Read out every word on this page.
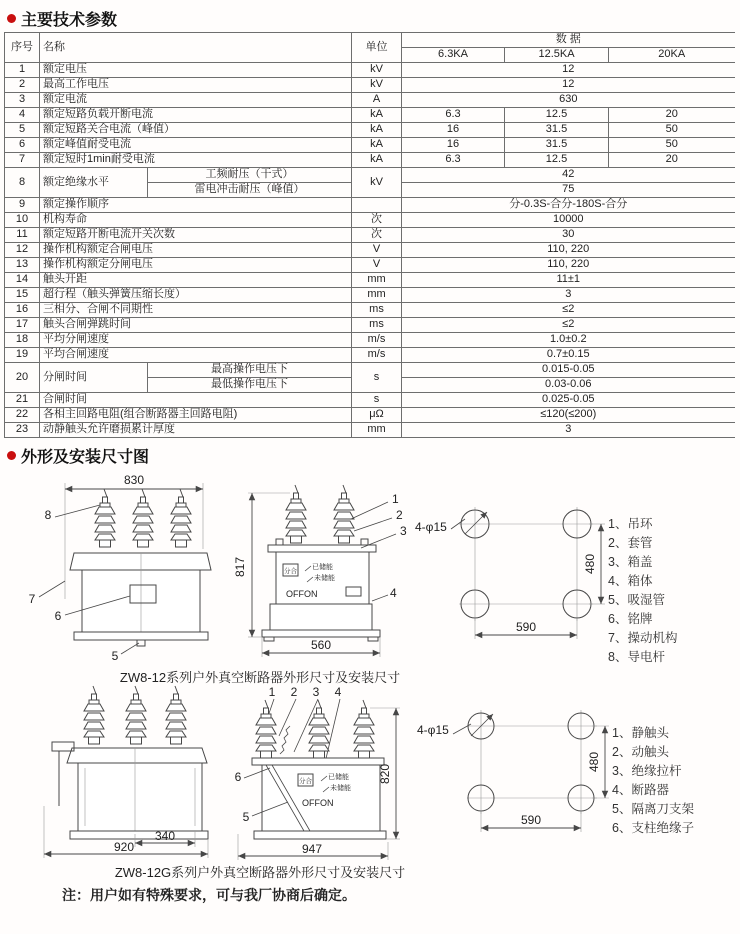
主要技术参数
序号	名称		单位	数 据		
				6.3KA	12.5KA	20KA
1	额定电压		kV	12		
2	最高工作电压		kV	12		
3	额定电流		A	630		
4	额定短路负载开断电流		kA	6.3	12.5	20
5	额定短路关合电流（峰值）		kA	16	31.5	50
6	额定峰值耐受电流		kA	16	31.5	50
7	额定短时1min耐受电流		kA	6.3	12.5	20
8	额定绝缘水平	工频耐压（干式）	kV	42		
		雷电冲击耐压（峰值）		75		
9	额定操作顺序			分-0.3S-合分-180S-合分		
10	机构寿命		次	10000		
11	额定短路开断电流开关次数		次	30		
12	操作机构额定合闸电压		V	110, 220		
13	操作机构额定分闸电压		V	110, 220		
14	触头开距		mm	11±1		
15	超行程（触头弹簧压缩长度）		mm	3		
16	三相分、合闸不同期性		ms	≤2		
17	触头合闸弹跳时间		ms	≤2		
18	平均分闸速度		m/s	1.0±0.2		
19	平均合闸速度		m/s	0.7±0.15		
20	分闸时间	最高操作电压下	s	0.015-0.05		
		最低操作电压下		0.03-0.06		
21	合闸时间		s	0.025-0.05		
22	各相主回路电阻(组合断路器主回路电阻)		μΩ	≤120(≤200)		
23	动静触头允许磨损累计厚度		mm	3		
外形及安装尺寸图
830
8
7
6
5
分合
已储能
未储能
OFFON
817
560
1
2
3
4
4-φ15
480
590
1、吊环
2、套管
3、箱盖
4、箱体
5、吸湿管
6、铭牌
7、操动机构
8、导电杆
ZW8-12系列户外真空断路器外形尺寸及安装尺寸
340
920
1 2 3 4
分合
已储能
未储能
OFFON
6
5
820
947
4-φ15
480
590
1、静触头
2、动触头
3、绝缘拉杆
4、断路器
5、隔离刀支架
6、支柱绝缘子
ZW8-12G系列户外真空断路器外形尺寸及安装尺寸
注：用户如有特殊要求，可与我厂协商后确定。
